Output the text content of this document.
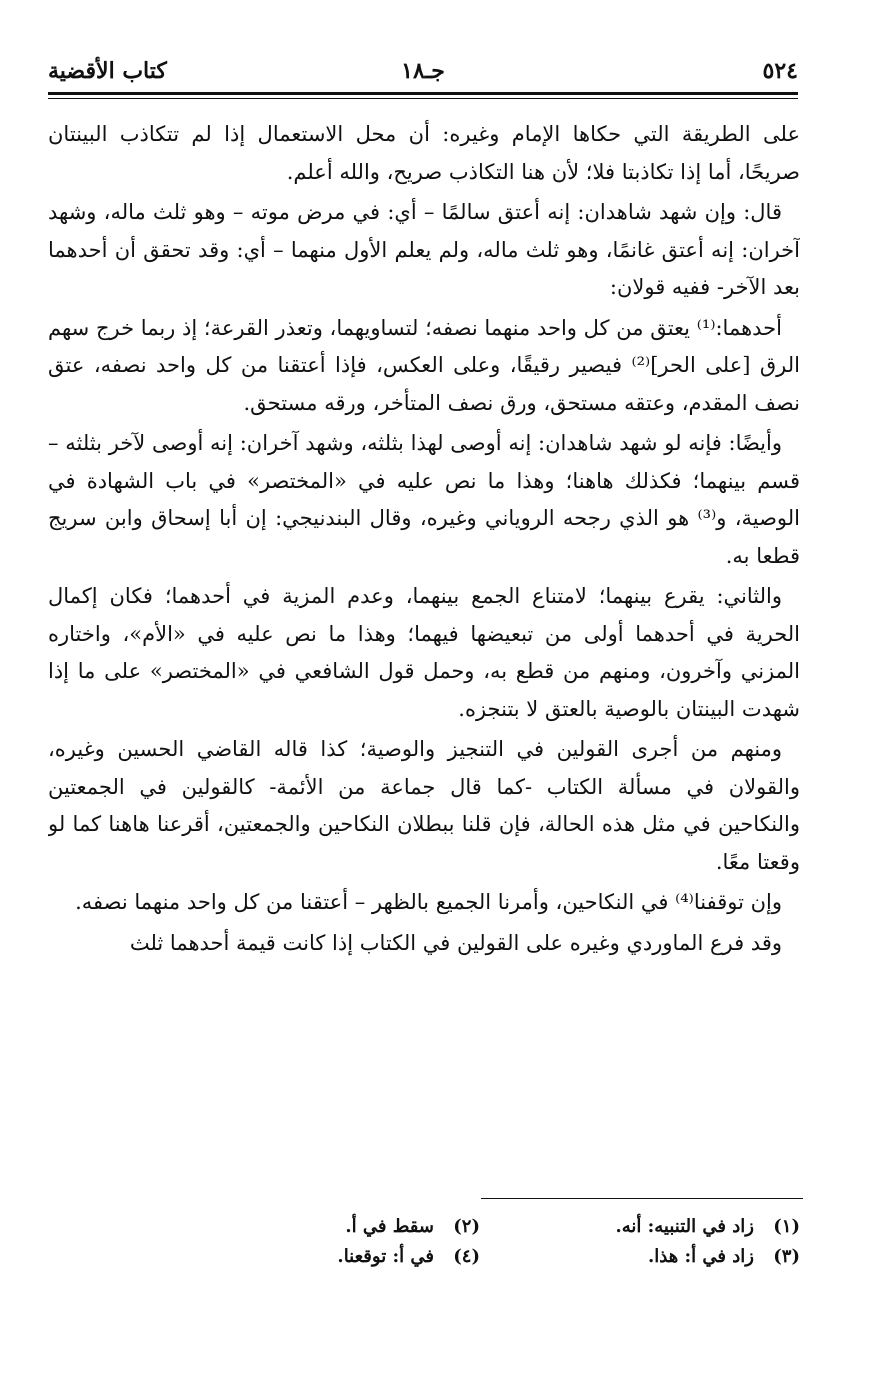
٥٢٤
جـ١٨
كتاب الأقضية

على الطريقة التي حكاها الإمام وغيره: أن محل الاستعمال إذا لم تتكاذب البينتان صريحًا، أما إذا تكاذبتا فلا؛ لأن هنا التكاذب صريح، والله أعلم.

قال: وإن شهد شاهدان: إنه أعتق سالمًا – أي: في مرض موته – وهو ثلث ماله، وشهد آخران: إنه أعتق غانمًا، وهو ثلث ماله، ولم يعلم الأول منهما – أي: وقد تحقق أن أحدهما بعد الآخر- ففيه قولان:

أحدهما:⁽¹⁾ يعتق من كل واحد منهما نصفه؛ لتساويهما، وتعذر القرعة؛ إذ ربما خرج سهم الرق [على الحر]⁽²⁾ فيصير رقيقًا، وعلى العكس، فإذا أعتقنا من كل واحد نصفه، عتق نصف المقدم، وعتقه مستحق، ورق نصف المتأخر، ورقه مستحق.

وأيضًا: فإنه لو شهد شاهدان: إنه أوصى لهذا بثلثه، وشهد آخران: إنه أوصى لآخر بثلثه – قسم بينهما؛ فكذلك هاهنا؛ وهذا ما نص عليه في «المختصر» في باب الشهادة في الوصية، و⁽³⁾ هو الذي رجحه الروياني وغيره، وقال البندنيجي: إن أبا إسحاق وابن سريج قطعا به.

والثاني: يقرع بينهما؛ لامتناع الجمع بينهما، وعدم المزية في أحدهما؛ فكان إكمال الحرية في أحدهما أولى من تبعيضها فيهما؛ وهذا ما نص عليه في «الأم»، واختاره المزني وآخرون، ومنهم من قطع به، وحمل قول الشافعي في «المختصر» على ما إذا شهدت البينتان بالوصية بالعتق لا بتنجزه.

ومنهم من أجرى القولين في التنجيز والوصية؛ كذا قاله القاضي الحسين وغيره، والقولان في مسألة الكتاب -كما قال جماعة من الأئمة- كالقولين في الجمعتين والنكاحين في مثل هذه الحالة، فإن قلنا ببطلان النكاحين والجمعتين، أقرعنا هاهنا كما لو وقعتا معًا.

وإن توقفنا⁽⁴⁾ في النكاحين، وأمرنا الجميع بالظهر – أعتقنا من كل واحد منهما نصفه.

وقد فرع الماوردي وغيره على القولين في الكتاب إذا كانت قيمة أحدهما ثلث

(١)زاد في التنبيه: أنه.
(٢)سقط في أ.
(٣)زاد في أ: هذا.
(٤)في أ: توقعنا.
